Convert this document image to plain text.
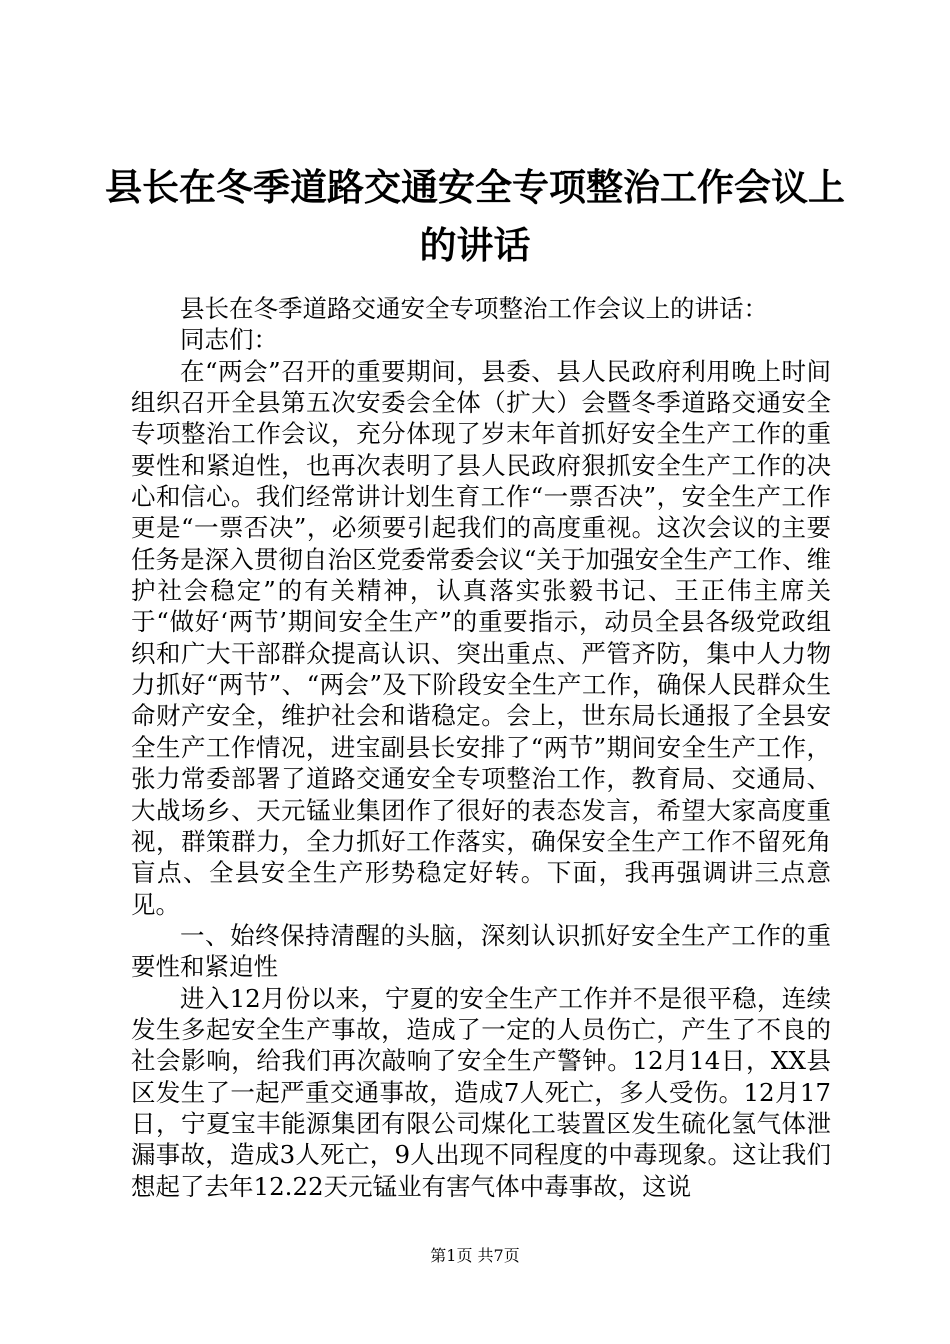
县长在冬季道路交通安全专项整治工作会议上
的讲话

县长在冬季道路交通安全专项整治工作会议上的讲话：

同志们：

在“两会”召开的重要期间，县委、县人民政府利用晚上时间组织召开全县第五次安委会全体（扩大）会暨冬季道路交通安全专项整治工作会议，充分体现了岁末年首抓好安全生产工作的重要性和紧迫性，也再次表明了县人民政府狠抓安全生产工作的决心和信心。我们经常讲计划生育工作“一票否决”，安全生产工作更是“一票否决”，必须要引起我们的高度重视。这次会议的主要任务是深入贯彻自治区党委常委会议“关于加强安全生产工作、维护社会稳定”的有关精神，认真落实张毅书记、王正伟主席关于“做好‘两节’期间安全生产”的重要指示，动员全县各级党政组织和广大干部群众提高认识、突出重点、严管齐防，集中人力物力抓好“两节”、“两会”及下阶段安全生产工作，确保人民群众生命财产安全，维护社会和谐稳定。会上，世东局长通报了全县安全生产工作情况，进宝副县长安排了“两节”期间安全生产工作，张力常委部署了道路交通安全专项整治工作，教育局、交通局、大战场乡、天元锰业集团作了很好的表态发言，希望大家高度重视，群策群力，全力抓好工作落实，确保安全生产工作不留死角盲点、全县安全生产形势稳定好转。下面，我再强调讲三点意见。

一、始终保持清醒的头脑，深刻认识抓好安全生产工作的重要性和紧迫性

进入12月份以来，宁夏的安全生产工作并不是很平稳，连续发生多起安全生产事故，造成了一定的人员伤亡，产生了不良的社会影响，给我们再次敲响了安全生产警钟。12月14日，XX县区发生了一起严重交通事故，造成7人死亡，多人受伤。12月17日，宁夏宝丰能源集团有限公司煤化工装置区发生硫化氢气体泄漏事故，造成3人死亡，9人出现不同程度的中毒现象。这让我们想起了去年12.22天元锰业有害气体中毒事故，这说

第1页 共7页
